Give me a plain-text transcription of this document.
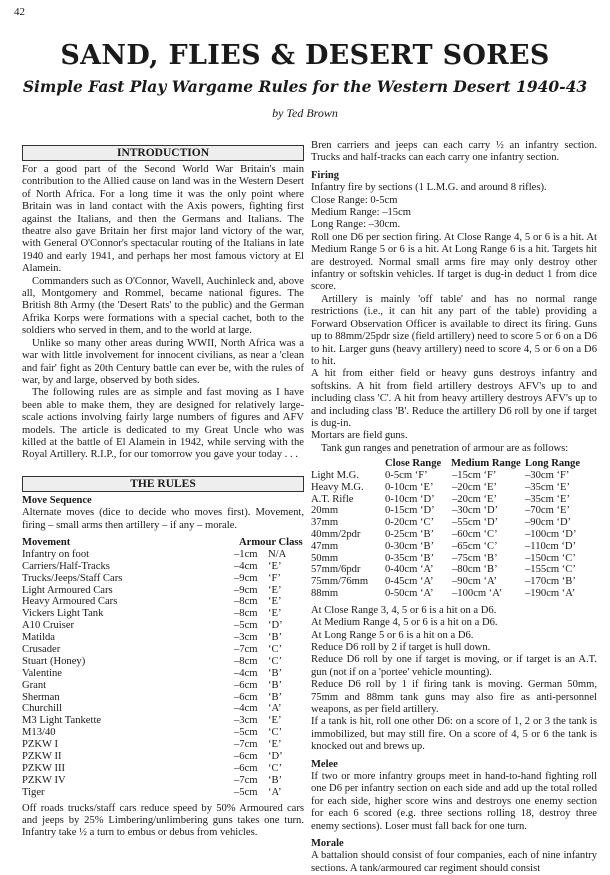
42
SAND, FLIES & DESERT SORES
Simple Fast Play Wargame Rules for the Western Desert 1940-43
by Ted Brown
INTRODUCTION

For a good part of the Second World War Britain's main contribution to the Allied cause on land was in the Western Desert of North Africa. For a long time it was the only point where Britain was in land contact with the Axis powers, fighting first against the Italians, and then the Germans and Italians. The theatre also gave Britain her first major land victory of the war, with General O'Connor's spectacular routing of the Italians in late 1940 and early 1941, and perhaps her most famous victory at El Alamein.

Commanders such as O'Connor, Wavell, Auchinleck and, above all, Montgomery and Rommel, became national figures. The British 8th Army (the 'Desert Rats' to the public) and the German Afrika Korps were formations with a special cachet, both to the soldiers who served in them, and to the world at large.

Unlike so many other areas during WWII, North Africa was a war with little involvement for innocent civilians, as near a 'clean and fair' fight as 20th Century battle can ever be, with the rules of war, by and large, observed by both sides.

The following rules are as simple and fast moving as I have been able to make them, they are designed for relatively large-scale actions involving fairly large numbers of figures and AFV models. The article is dedicated to my Great Uncle who was killed at the battle of El Alamein in 1942, while serving with the Royal Artillery. R.I.P., for our tomorrow you gave your today . . .

THE RULES
Move Sequence

Alternate moves (dice to decide who moves first). Movement, firing – small arms then artillery – if any – morale.

Movement	Armour Class
Infantry on foot	–1cm N/A
Carriers/Half-Tracks	–4cm ‘E’
Trucks/Jeeps/Staff Cars	–9cm ‘F’
Light Armoured Cars	–9cm ‘E’
Heavy Armoured Cars	–8cm ‘E’
Vickers Light Tank	–8cm ‘E’
A10 Cruiser	–5cm ‘D’
Matilda	–3cm ‘B’
Crusader	–7cm ‘C’
Stuart (Honey)	–8cm ‘C’
Valentine	–4cm ‘B’
Grant	–6cm ‘B’
Sherman	–6cm ‘B’
Churchill	–4cm ‘A’
M3 Light Tankette	–3cm ‘E’
M13/40	–5cm ‘C’
PZKW I	–7cm ‘E’
PZKW II	–6cm ‘D’
PZKW III	–6cm ‘C’
PZKW IV	–7cm ‘B’
Tiger	–5cm ‘A’

Off roads trucks/staff cars reduce speed by 50% Armoured cars and jeeps by 25% Limbering/unlimbering guns takes one turn. Infantry take ½ a turn to embus or debus from vehicles.

Bren carriers and jeeps can each carry ½ an infantry section. Trucks and half-tracks can each carry one infantry section.

Firing

Infantry fire by sections (1 L.M.G. and around 8 rifles).

Close Range: 0-5cm

Medium Range: –15cm

Long Range: –30cm.

Roll one D6 per section firing. At Close Range 4, 5 or 6 is a hit. At Medium Range 5 or 6 is a hit. At Long Range 6 is a hit. Targets hit are destroyed. Normal small arms fire may only destroy other infantry or softskin vehicles. If target is dug-in deduct 1 from dice score.

Artillery is mainly 'off table' and has no normal range restrictions (i.e., it can hit any part of the table) providing a Forward Observation Officer is available to direct its firing. Guns up to 88mm/25pdr size (field artillery) need to score 5 or 6 on a D6 to hit. Larger guns (heavy artillery) need to score 4, 5 or 6 on a D6 to hit.

A hit from either field or heavy guns destroys infantry and softskins. A hit from field artillery destroys AFV's up to and including class 'C'. A hit from heavy artillery destroys AFV's up to and including class 'B'. Reduce the artillery D6 roll by one if target is dug-in.

Mortars are field guns.

Tank gun ranges and penetration of armour are as follows:

Close Range Medium Range Long Range
Light M.G. 0-5cm ‘F’ –15cm ‘F’	–30cm ‘F’
Heavy M.G. 0-10cm ‘E’ –20cm ‘E’	–35cm ‘E’
A.T. Rifle	0-10cm ‘D’ –20cm ‘E’	–35cm ‘E’
20mm	0-15cm ‘D’ –30cm ‘D’	–70cm ‘E’
37mm	0-20cm ‘C’ –55cm ‘D’	–90cm ‘D’
40mm/2pdr 0-25cm ‘B’ –60cm ‘C’	–100cm ‘D’
47mm	0-30cm ‘B’ –65cm ‘C’	–110cm ‘D’
50mm	0-35cm ‘B’ –75cm ‘B’	–150cm ‘C’
57mm/6pdr 0-40cm ‘A’ –80cm ‘B’	–155cm ‘C’
75mm/76mm 0-45cm ‘A’ –90cm ‘A’	–170cm ‘B’
88mm	0-50cm ‘A’ –100cm ‘A’ –190cm ‘A’

At Close Range 3, 4, 5 or 6 is a hit on a D6.

At Medium Range 4, 5 or 6 is a hit on a D6.

At Long Range 5 or 6 is a hit on a D6.

Reduce D6 roll by 2 if target is hull down.

Reduce D6 roll by one if target is moving, or if target is an A.T. gun (not if on a 'portee' vehicle mounting).

Reduce D6 roll by 1 if firing tank is moving. German 50mm, 75mm and 88mm tank guns may also fire as anti-personnel weapons, as per field artillery.

If a tank is hit, roll one other D6: on a score of 1, 2 or 3 the tank is immobilized, but may still fire. On a score of 4, 5 or 6 the tank is knocked out and brews up.

Melee

If two or more infantry groups meet in hand-to-hand fighting roll one D6 per infantry section on each side and add up the total rolled for each side, higher score wins and destroys one enemy section for each 6 scored (e.g. three sections rolling 18, destroy three enemy sections). Loser must fall back for one turn.

Morale

A battalion should consist of four companies, each of nine infantry sections. A tank/armoured car regiment should consist
